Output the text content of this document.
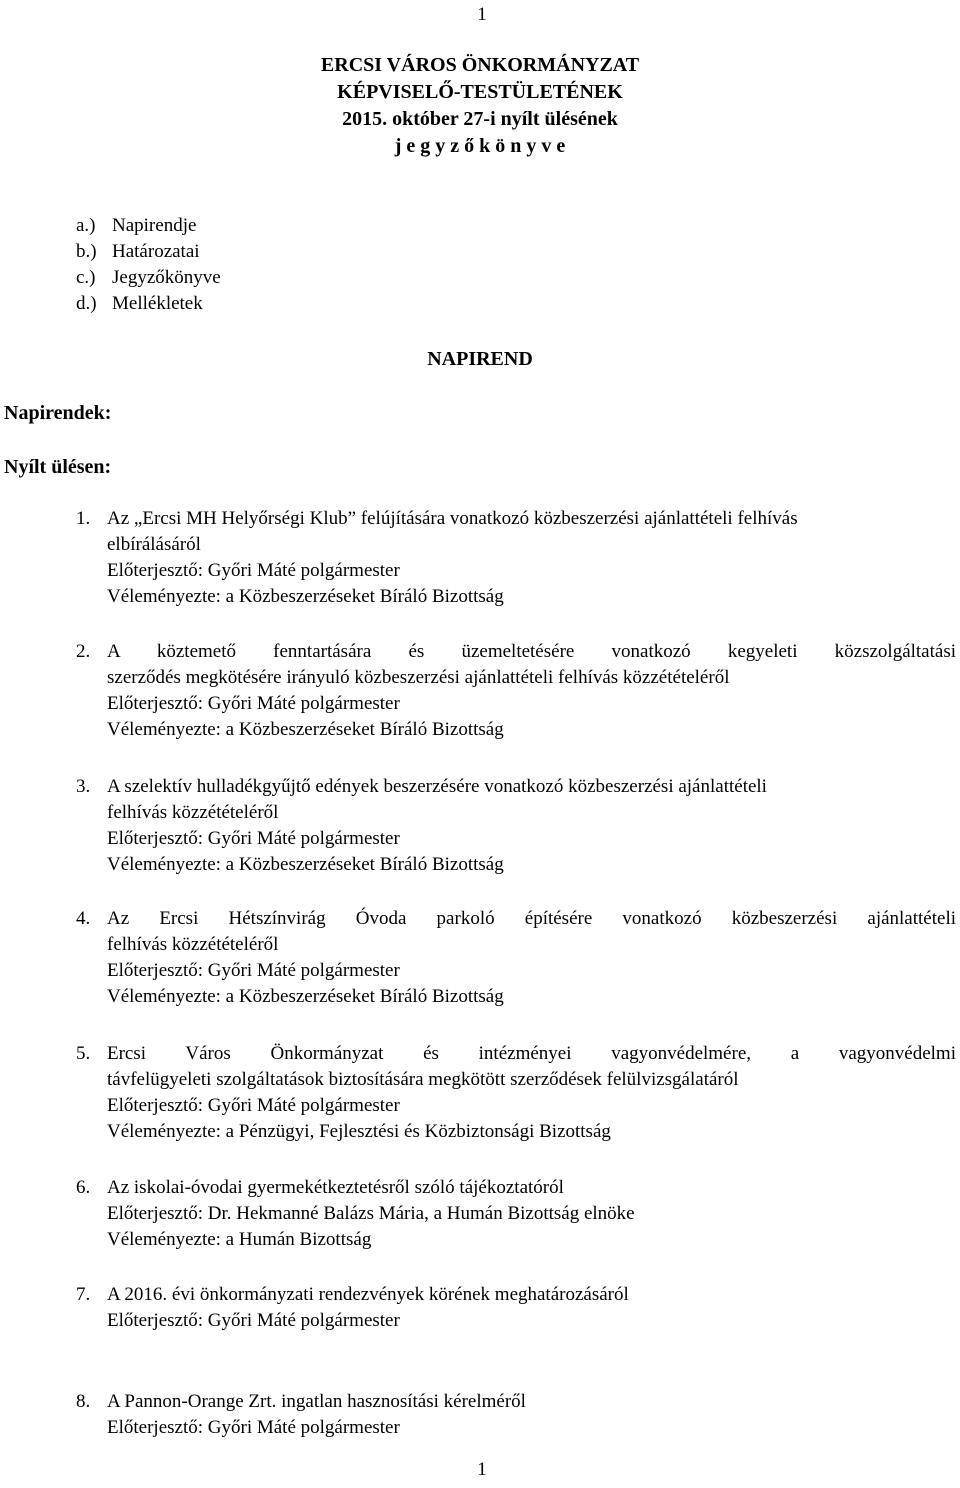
1
ERCSI VÁROS ÖNKORMÁNYZAT
KÉPVISELŐ-TESTÜLETÉNEK
2015. október 27-i nyílt ülésének
j e g y z ő k ö n y v e
a.) Napirendje
b.) Határozatai
c.) Jegyzőkönyve
d.) Mellékletek
NAPIREND
Napirendek:
Nyílt ülésen:
1. Az „Ercsi MH Helyőrségi Klub” felújítására vonatkozó közbeszerzési ajánlattételi felhívás
elbírálásáról
Előterjesztő: Győri Máté polgármester
Véleményezte: a Közbeszerzéseket Bíráló Bizottság
2. A köztemető fenntartására és üzemeltetésére vonatkozó kegyeleti közszolgáltatási
szerződés megkötésére irányuló közbeszerzési ajánlattételi felhívás közzétételéről
Előterjesztő: Győri Máté polgármester
Véleményezte: a Közbeszerzéseket Bíráló Bizottság
3. A szelektív hulladékgyűjtő edények beszerzésére vonatkozó közbeszerzési ajánlattételi
felhívás közzétételéről
Előterjesztő: Győri Máté polgármester
Véleményezte: a Közbeszerzéseket Bíráló Bizottság
4. Az Ercsi Hétszínvirág Óvoda parkoló építésére vonatkozó közbeszerzési ajánlattételi
felhívás közzétételéről
Előterjesztő: Győri Máté polgármester
Véleményezte: a Közbeszerzéseket Bíráló Bizottság
5. Ercsi Város Önkormányzat és intézményei vagyonvédelmére, a vagyonvédelmi
távfelügyeleti szolgáltatások biztosítására megkötött szerződések felülvizsgálatáról
Előterjesztő: Győri Máté polgármester
Véleményezte: a Pénzügyi, Fejlesztési és Közbiztonsági Bizottság
6. Az iskolai-óvodai gyermekétkeztetésről szóló tájékoztatóról
Előterjesztő: Dr. Hekmanné Balázs Mária, a Humán Bizottság elnöke
Véleményezte: a Humán Bizottság
7. A 2016. évi önkormányzati rendezvények körének meghatározásáról
Előterjesztő: Győri Máté polgármester
8. A Pannon-Orange Zrt. ingatlan hasznosítási kérelméről
Előterjesztő: Győri Máté polgármester
1
